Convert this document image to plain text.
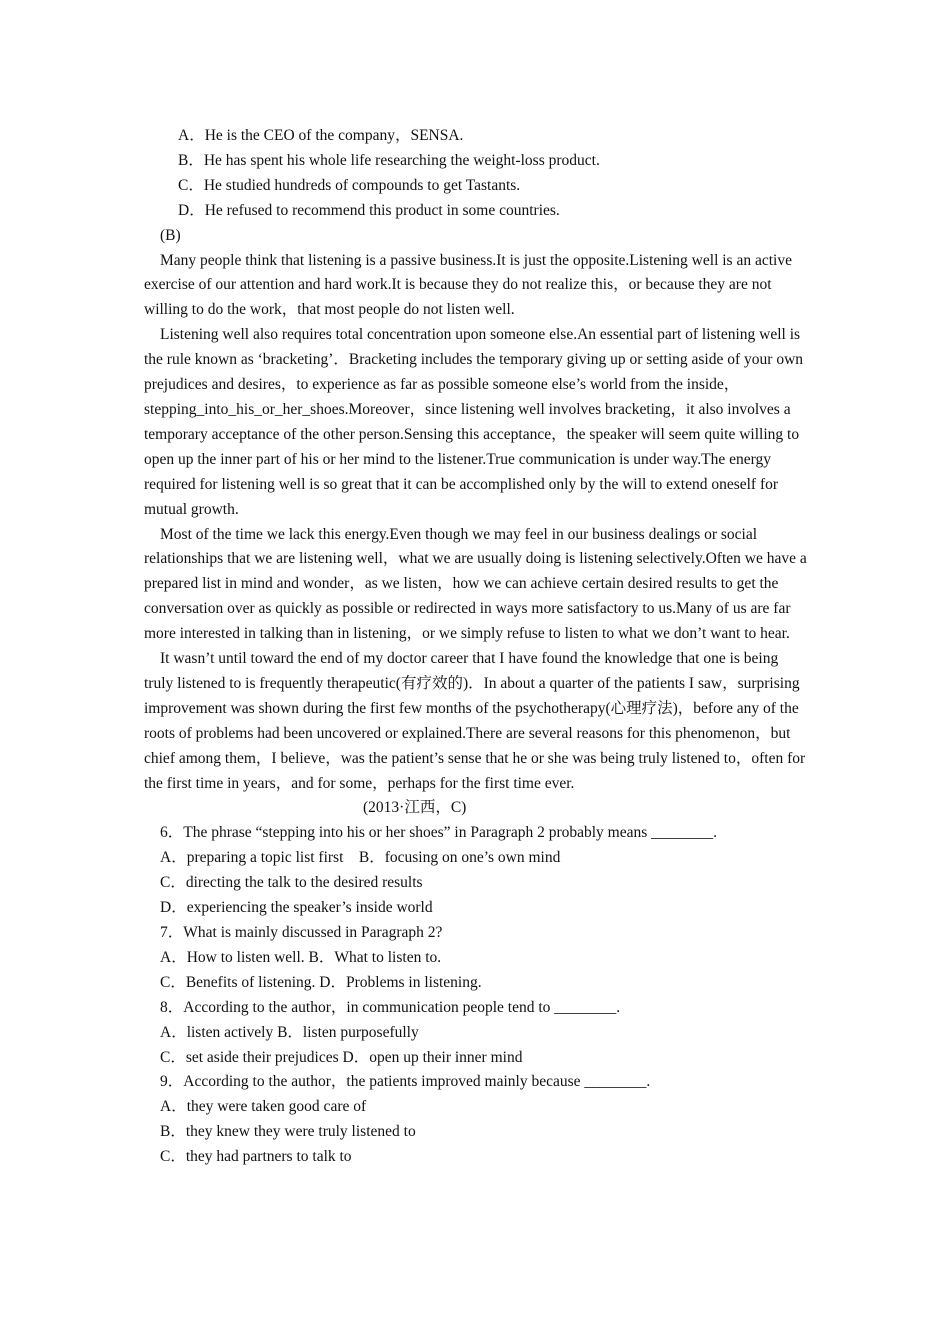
A．He is the CEO of the company，SENSA.
B．He has spent his whole life researching the weight-loss product.
C．He studied hundreds of compounds to get Tastants.
D．He refused to recommend this product in some countries.
(B)
Many people think that listening is a passive business.It is just the opposite.Listening well is an active exercise of our attention and hard work.It is because they do not realize this，or because they are not willing to do the work，that most people do not listen well.
Listening well also requires total concentration upon someone else.An essential part of listening well is the rule known as ‘bracketing’．Bracketing includes the temporary giving up or setting aside of your own prejudices and desires，to experience as far as possible someone else’s world from the inside，stepping_into_his_or_her_shoes.Moreover，since listening well involves bracketing，it also involves a temporary acceptance of the other person.Sensing this acceptance，the speaker will seem quite willing to open up the inner part of his or her mind to the listener.True communication is under way.The energy required for listening well is so great that it can be accomplished only by the will to extend oneself for mutual growth.
Most of the time we lack this energy.Even though we may feel in our business dealings or social relationships that we are listening well，what we are usually doing is listening selectively.Often we have a prepared list in mind and wonder，as we listen，how we can achieve certain desired results to get the conversation over as quickly as possible or redirected in ways more satisfactory to us.Many of us are far more interested in talking than in listening，or we simply refuse to listen to what we don’t want to hear.
It wasn’t until toward the end of my doctor career that I have found the knowledge that one is being truly listened to is frequently therapeutic(有疗效的)．In about a quarter of the patients I saw，surprising improvement was shown during the first few months of the psychotherapy(心理疗法)，before any of the roots of problems had been uncovered or explained.There are several reasons for this phenomenon，but chief among them，I believe，was the patient’s sense that he or she was being truly listened to，often for the first time in years，and for some，perhaps for the first time ever.
(2013·江西，C)
6．The phrase “stepping into his or her shoes” in Paragraph 2 probably means ________.
A．preparing a topic list first　B．focusing on one’s own mind
C．directing the talk to the desired results
D．experiencing the speaker’s inside world
7．What is mainly discussed in Paragraph 2?
A．How to listen well. B．What to listen to.
C．Benefits of listening. D．Problems in listening.
8．According to the author，in communication people tend to ________.
A．listen actively B．listen purposefully
C．set aside their prejudices D．open up their inner mind
9．According to the author，the patients improved mainly because ________.
A．they were taken good care of
B．they knew they were truly listened to
C．they had partners to talk to
